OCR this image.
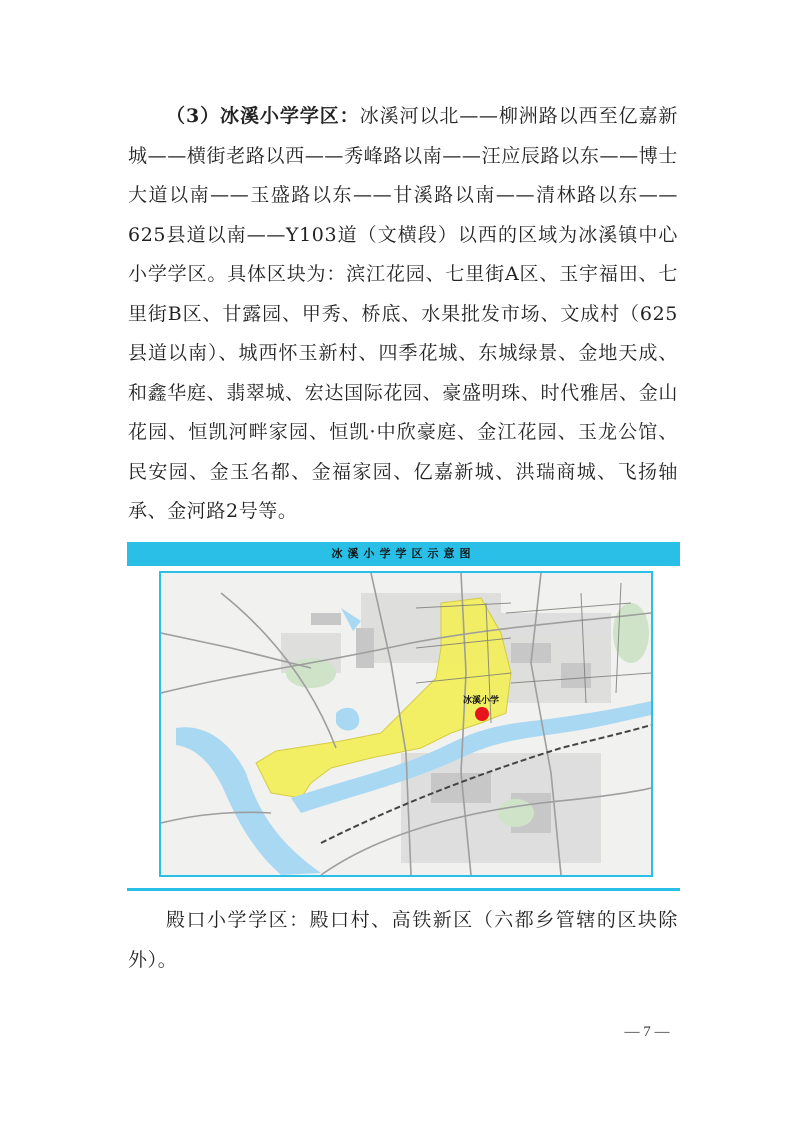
（3）冰溪小学学区：冰溪河以北——柳洲路以西至亿嘉新城——横街老路以西——秀峰路以南——汪应辰路以东——博士大道以南——玉盛路以东——甘溪路以南——清林路以东——625县道以南——Y103道（文横段）以西的区域为冰溪镇中心小学学区。具体区块为：滨江花园、七里街A区、玉宇福田、七里街B区、甘露园、甲秀、桥底、水果批发市场、文成村（625县道以南）、城西怀玉新村、四季花城、东城绿景、金地天成、和鑫华庭、翡翠城、宏达国际花园、豪盛明珠、时代雅居、金山花园、恒凯河畔家园、恒凯·中欣豪庭、金江花园、玉龙公馆、民安园、金玉名都、金福家园、亿嘉新城、洪瑞商城、飞扬轴承、金河路2号等。

冰溪小学学区示意图
冰溪小学

殿口小学学区：殿口村、高铁新区（六都乡管辖的区块除外）。

— 7 —
